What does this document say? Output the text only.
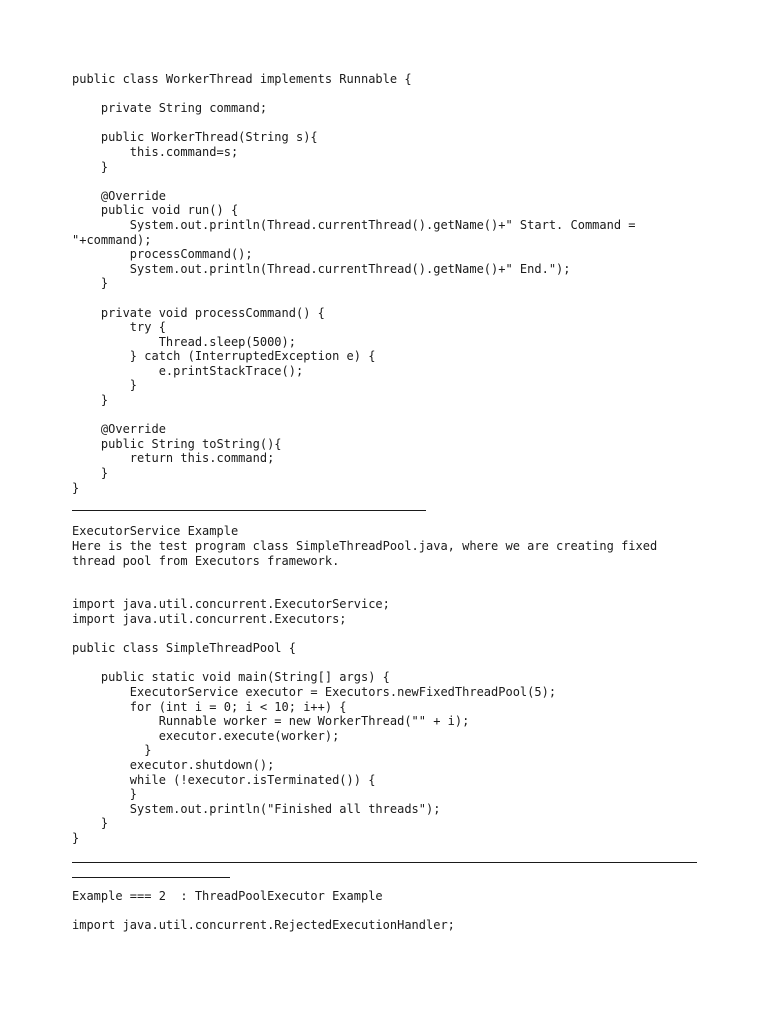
public class WorkerThread implements Runnable {
private String command;
public WorkerThread(String s){
this.command=s;
}
@Override
public void run() {
System.out.println(Thread.currentThread().getName()+" Start. Command =
"+command);
processCommand();
System.out.println(Thread.currentThread().getName()+" End.");
}
private void processCommand() {
try {
Thread.sleep(5000);
} catch (InterruptedException e) {
e.printStackTrace();
}
}
@Override
public String toString(){
return this.command;
}
}
ExecutorService Example
Here is the test program class SimpleThreadPool.java, where we are creating fixed
thread pool from Executors framework.
import java.util.concurrent.ExecutorService;
import java.util.concurrent.Executors;
public class SimpleThreadPool {
public static void main(String[] args) {
ExecutorService executor = Executors.newFixedThreadPool(5);
for (int i = 0; i < 10; i++) {
Runnable worker = new WorkerThread("" + i);
executor.execute(worker);
}
executor.shutdown();
while (!executor.isTerminated()) {
}
System.out.println("Finished all threads");
}
}
Example === 2  : ThreadPoolExecutor Example
import java.util.concurrent.RejectedExecutionHandler;
